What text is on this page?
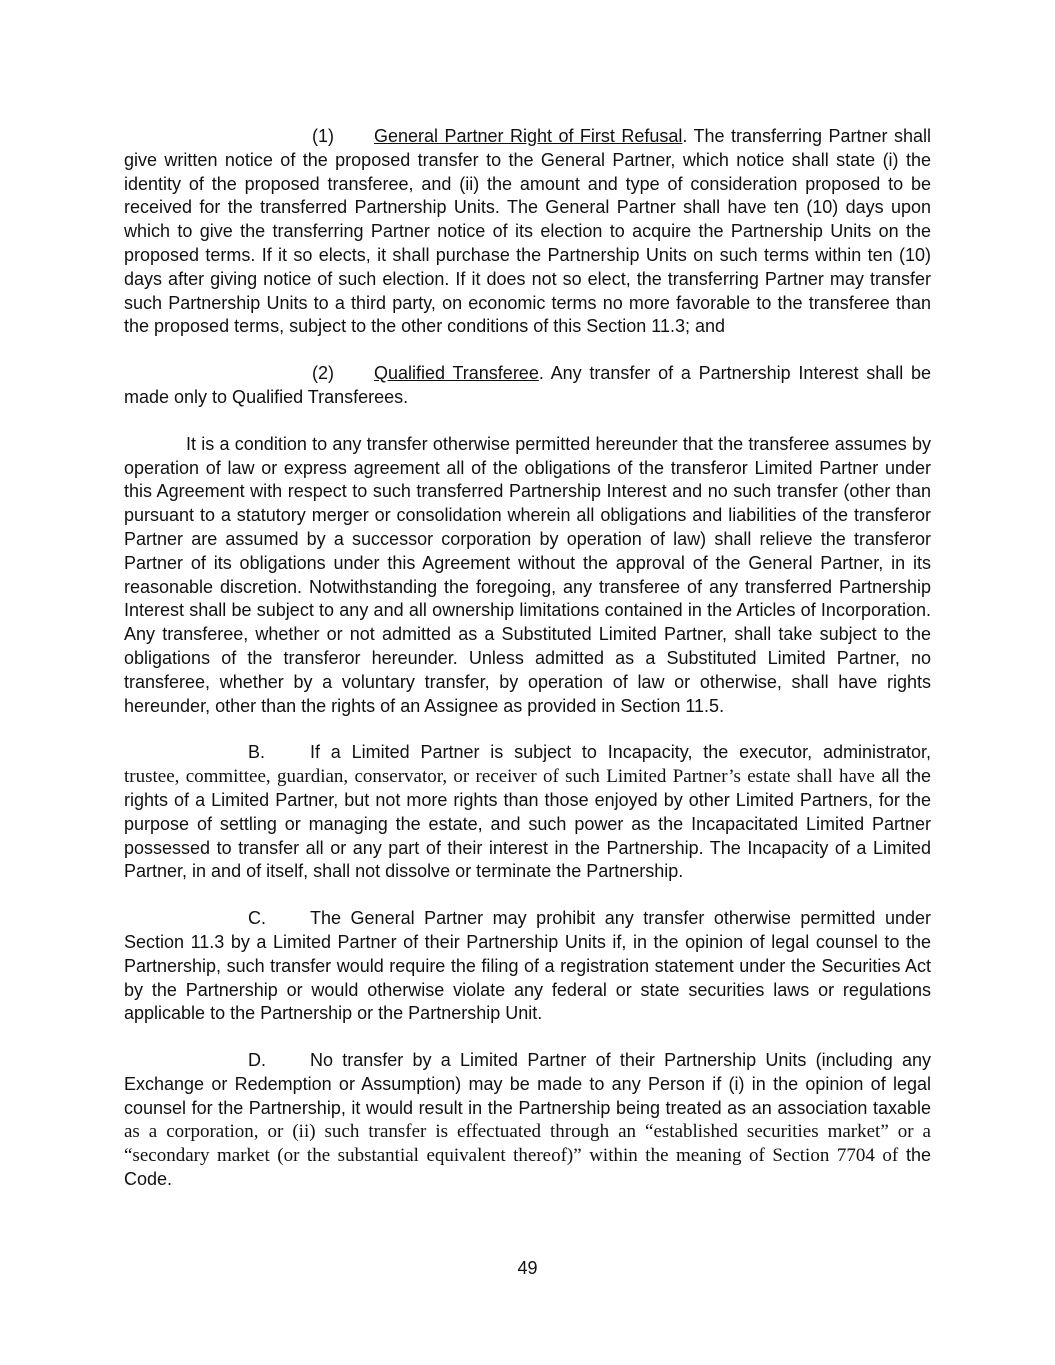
(1) General Partner Right of First Refusal. The transferring Partner shall give written notice of the proposed transfer to the General Partner, which notice shall state (i) the identity of the proposed transferee, and (ii) the amount and type of consideration proposed to be received for the transferred Partnership Units. The General Partner shall have ten (10) days upon which to give the transferring Partner notice of its election to acquire the Partnership Units on the proposed terms. If it so elects, it shall purchase the Partnership Units on such terms within ten (10) days after giving notice of such election. If it does not so elect, the transferring Partner may transfer such Partnership Units to a third party, on economic terms no more favorable to the transferee than the proposed terms, subject to the other conditions of this Section 11.3; and

(2) Qualified Transferee. Any transfer of a Partnership Interest shall be made only to Qualified Transferees.

It is a condition to any transfer otherwise permitted hereunder that the transferee assumes by operation of law or express agreement all of the obligations of the transferor Limited Partner under this Agreement with respect to such transferred Partnership Interest and no such transfer (other than pursuant to a statutory merger or consolidation wherein all obligations and liabilities of the transferor Partner are assumed by a successor corporation by operation of law) shall relieve the transferor Partner of its obligations under this Agreement without the approval of the General Partner, in its reasonable discretion. Notwithstanding the foregoing, any transferee of any transferred Partnership Interest shall be subject to any and all ownership limitations contained in the Articles of Incorporation. Any transferee, whether or not admitted as a Substituted Limited Partner, shall take subject to the obligations of the transferor hereunder. Unless admitted as a Substituted Limited Partner, no transferee, whether by a voluntary transfer, by operation of law or otherwise, shall have rights hereunder, other than the rights of an Assignee as provided in Section 11.5.

B. If a Limited Partner is subject to Incapacity, the executor, administrator, trustee, committee, guardian, conservator, or receiver of such Limited Partner’s estate shall have all the rights of a Limited Partner, but not more rights than those enjoyed by other Limited Partners, for the purpose of settling or managing the estate, and such power as the Incapacitated Limited Partner possessed to transfer all or any part of their interest in the Partnership. The Incapacity of a Limited Partner, in and of itself, shall not dissolve or terminate the Partnership.

C. The General Partner may prohibit any transfer otherwise permitted under Section 11.3 by a Limited Partner of their Partnership Units if, in the opinion of legal counsel to the Partnership, such transfer would require the filing of a registration statement under the Securities Act by the Partnership or would otherwise violate any federal or state securities laws or regulations applicable to the Partnership or the Partnership Unit.

D. No transfer by a Limited Partner of their Partnership Units (including any Exchange or Redemption or Assumption) may be made to any Person if (i) in the opinion of legal counsel for the Partnership, it would result in the Partnership being treated as an association taxable as a corporation, or (ii) such transfer is effectuated through an “established securities market” or a “secondary market (or the substantial equivalent thereof)” within the meaning of Section 7704 of the Code.

49
